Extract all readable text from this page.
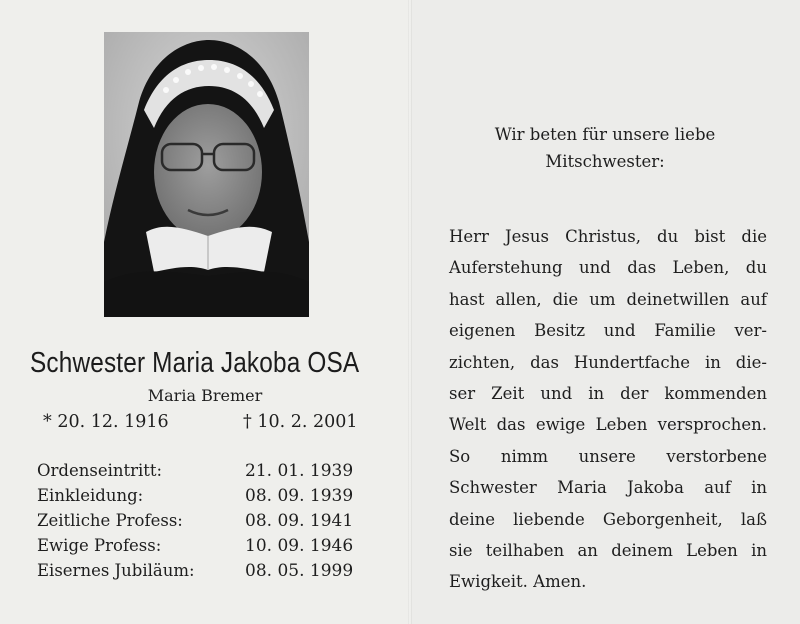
Schwester Maria Jakoba OSA
Maria Bremer
* 20. 12. 1916	† 10. 2. 2001
Ordenseintritt:	21. 01. 1939
Einkleidung:	08. 09. 1939
Zeitliche Profess:	08. 09. 1941
Ewige Profess:	10. 09. 1946
Eisernes Jubiläum:	08. 05. 1999
Wir beten für unsere liebe
Mitschwester:
Herr Jesus Christus, du bist die
Auferstehung und das Leben, du
hast allen, die um deinetwillen auf
eigenen Besitz und Familie ver-
zichten, das Hundertfache in die-
ser Zeit und in der kommenden
Welt das ewige Leben versprochen.
So nimm unsere verstorbene
Schwester Maria Jakoba auf in
deine liebende Geborgenheit, laß
sie teilhaben an deinem Leben in
Ewigkeit. Amen.
